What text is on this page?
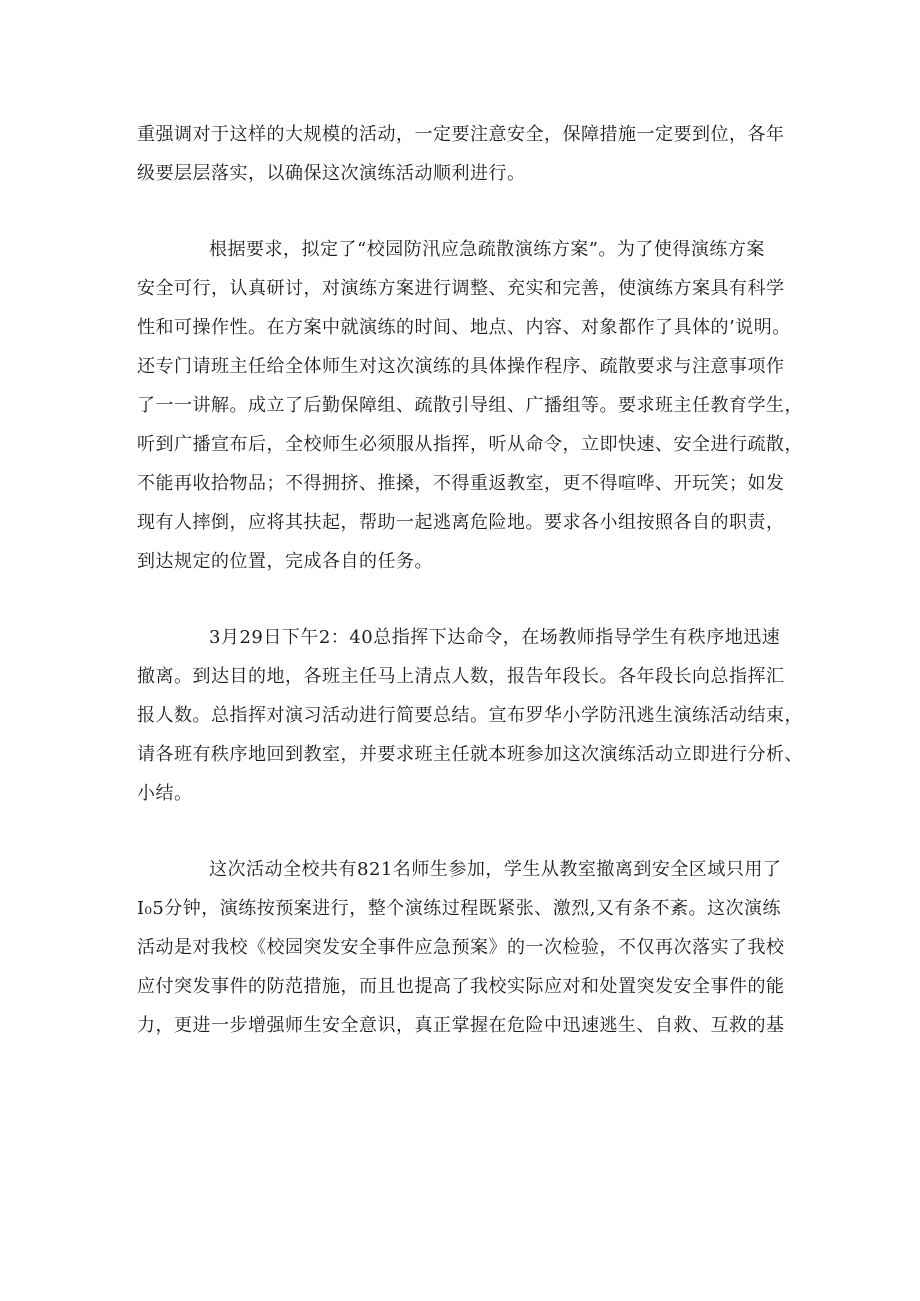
重强调对于这样的大规模的活动，一定要注意安全，保障措施一定要到位，各年
级要层层落实，以确保这次演练活动顺利进行。
根据要求，拟定了“校园防汛应急疏散演练方案”。为了使得演练方案
安全可行，认真研讨，对演练方案进行调整、充实和完善，使演练方案具有科学
性和可操作性。在方案中就演练的时间、地点、内容、对象都作了具体的’说明。
还专门请班主任给全体师生对这次演练的具体操作程序、疏散要求与注意事项作
了一一讲解。成立了后勤保障组、疏散引导组、广播组等。要求班主任教育学生，
听到广播宣布后，全校师生必须服从指挥，听从命令，立即快速、安全进行疏散，
不能再收拾物品；不得拥挤、推搡，不得重返教室，更不得喧哗、开玩笑；如发
现有人摔倒，应将其扶起，帮助一起逃离危险地。要求各小组按照各自的职责，
到达规定的位置，完成各自的任务。
3月29日下午2：40总指挥下达命令，在场教师指导学生有秩序地迅速
撤离。到达目的地，各班主任马上清点人数，报告年段长。各年段长向总指挥汇
报人数。总指挥对演习活动进行简要总结。宣布罗华小学防汛逃生演练活动结束，
请各班有秩序地回到教室，并要求班主任就本班参加这次演练活动立即进行分析、
小结。
这次活动全校共有821名师生参加，学生从教室撤离到安全区域只用了
I₀5分钟，演练按预案进行，整个演练过程既紧张、激烈,又有条不紊。这次演练
活动是对我校《校园突发安全事件应急预案》的一次检验，不仅再次落实了我校
应付突发事件的防范措施，而且也提高了我校实际应对和处置突发安全事件的能
力，更进一步增强师生安全意识，真正掌握在危险中迅速逃生、自救、互救的基
